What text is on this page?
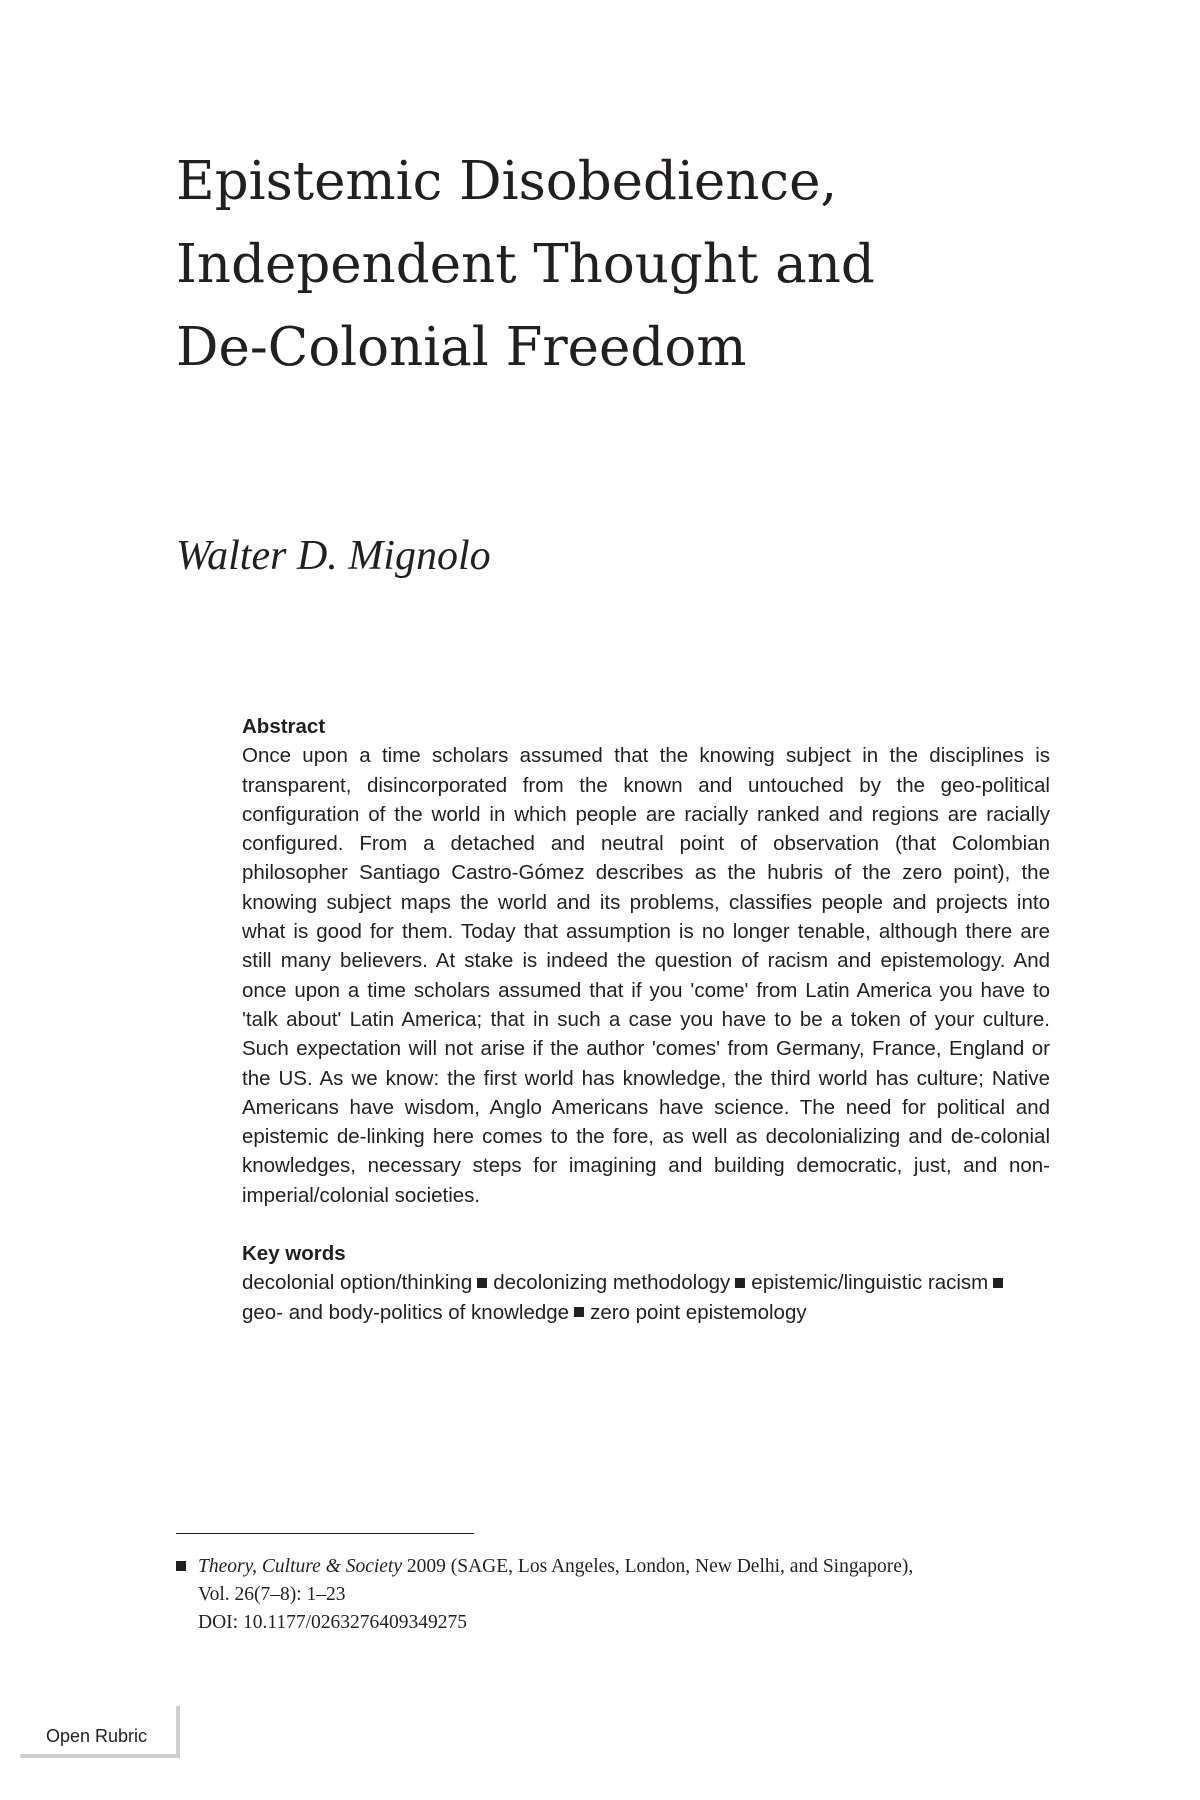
Epistemic Disobedience,
Independent Thought and
De-Colonial Freedom

Walter D. Mignolo

Abstract

Once upon a time scholars assumed that the knowing subject in the disciplines is transparent, disincorporated from the known and untouched by the geo-political configuration of the world in which people are racially ranked and regions are racially configured. From a detached and neutral point of observation (that Colombian philosopher Santiago Castro-Gómez describes as the hubris of the zero point), the knowing subject maps the world and its problems, classifies people and projects into what is good for them. Today that assumption is no longer tenable, although there are still many believers. At stake is indeed the question of racism and epistemology. And once upon a time scholars assumed that if you 'come' from Latin America you have to 'talk about' Latin America; that in such a case you have to be a token of your culture. Such expectation will not arise if the author 'comes' from Germany, France, England or the US. As we know: the first world has knowledge, the third world has culture; Native Americans have wisdom, Anglo Americans have science. The need for political and epistemic de-linking here comes to the fore, as well as decolonializing and de-colonial knowledges, necessary steps for imagining and building democratic, just, and non-imperial/colonial societies.

Key words
decolonial option/thinking decolonizing methodology epistemic/linguistic racismgeo- and body-politics of knowledge zero point epistemology
Theory, Culture & Society 2009 (SAGE, Los Angeles, London, New Delhi, and Singapore),
Vol. 26(7–8): 1–23
DOI: 10.1177/0263276409349275
Open Rubric
